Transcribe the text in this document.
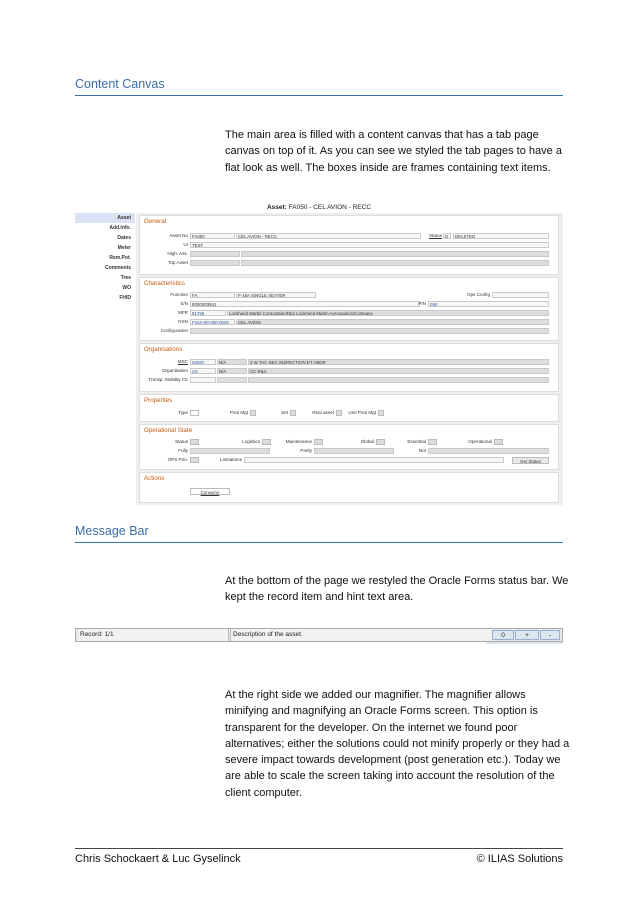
Content Canvas
The main area is filled with a content canvas that has a tab page canvas on top of it. As you can see we styled the tab pages to have a flat look as well. The boxes inside are frames containing text items.
Asset: FA050 - CEL AVION - RECC
Asset
Add.Info.
Dates
Meter
Rem.Pot.
Comments
Tree
WO
FHID
General
Asset No FA050	CEL AVION - RECC	Status D	DELETED
UI TEST
High. Ass.
Top Asset
Characteristics
Function FA	F-16A SINGLE SEATER	Ops Config
S/N 8000003541	P/N 050
MFR 81755	Lockheed Martin Corporation/Dba Lockheed Martin Aeronautics/Company
NSN F16A-90-050-0000	CEL AVION
Configuration
Organisations
MSC 02WO	N/A	2 W TAC SEC INSPECTION ET ABDR
Organisation CK	N/A	CC R&A
Transp. Mobility Ctr
Properties
Type	Pool Mgt	Set	Real asset	Unit Pool Mgt
Operational State
Status	Logistics	Maintenance	Global	Essential	Operational
Fully	Partly	Not
OPS Prio.	Limitations	Get States
Actions
Consume
Message Bar
At the bottom of the page we restyled the Oracle Forms status bar. We kept the record item and hint text area.
Record: 1/1	Description of the asset.	0	+	-
At the right side we added our magnifier. The magnifier allows minifying and magnifying an Oracle Forms screen. This option is transparent for the developer. On the internet we found poor alternatives; either the solutions could not minify properly or they had a severe impact towards development (post generation etc.). Today we are able to scale the screen taking into account the resolution of the client computer.
Chris Schockaert & Luc Gyselinck	© ILIAS Solutions
